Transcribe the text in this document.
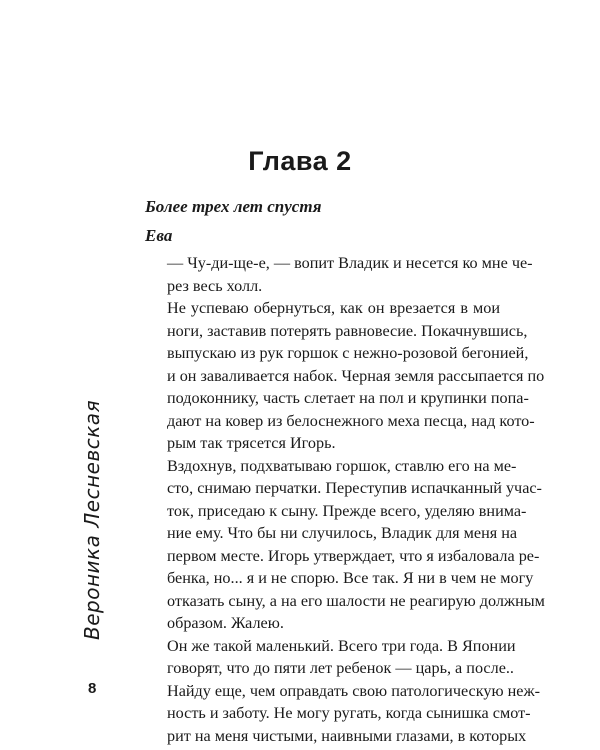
Глава 2
Более трех лет спустя
Ева

— Чу-ди-ще-е, — вопит Владик и несется ко мне че-
рез весь холл.

Не успеваю обернуться, как он врезается в мои
ноги, заставив потерять равновесие. Покачнувшись,
выпускаю из рук горшок с нежно-розовой бегонией,
и он заваливается набок. Черная земля рассыпается по
подоконнику, часть слетает на пол и крупинки попа-
дают на ковер из белоснежного меха песца, над кото-
рым так трясется Игорь.

Вздохнув, подхватываю горшок, ставлю его на ме-
сто, снимаю перчатки. Переступив испачканный учас-
ток, приседаю к сыну. Прежде всего, уделяю внима-
ние ему. Что бы ни случилось, Владик для меня на
первом месте. Игорь утверждает, что я избаловала ре-
бенка, но... я и не спорю. Все так. Я ни в чем не могу
отказать сыну, а на его шалости не реагирую должным
образом. Жалею.

Он же такой маленький. Всего три года. В Японии
говорят, что до пяти лет ребенок — царь, а после..
Найду еще, чем оправдать свою патологическую неж-
ность и заботу. Не могу ругать, когда сынишка смот-
рит на меня чистыми, наивными глазами, в которых

Вероника Лесневская
8
